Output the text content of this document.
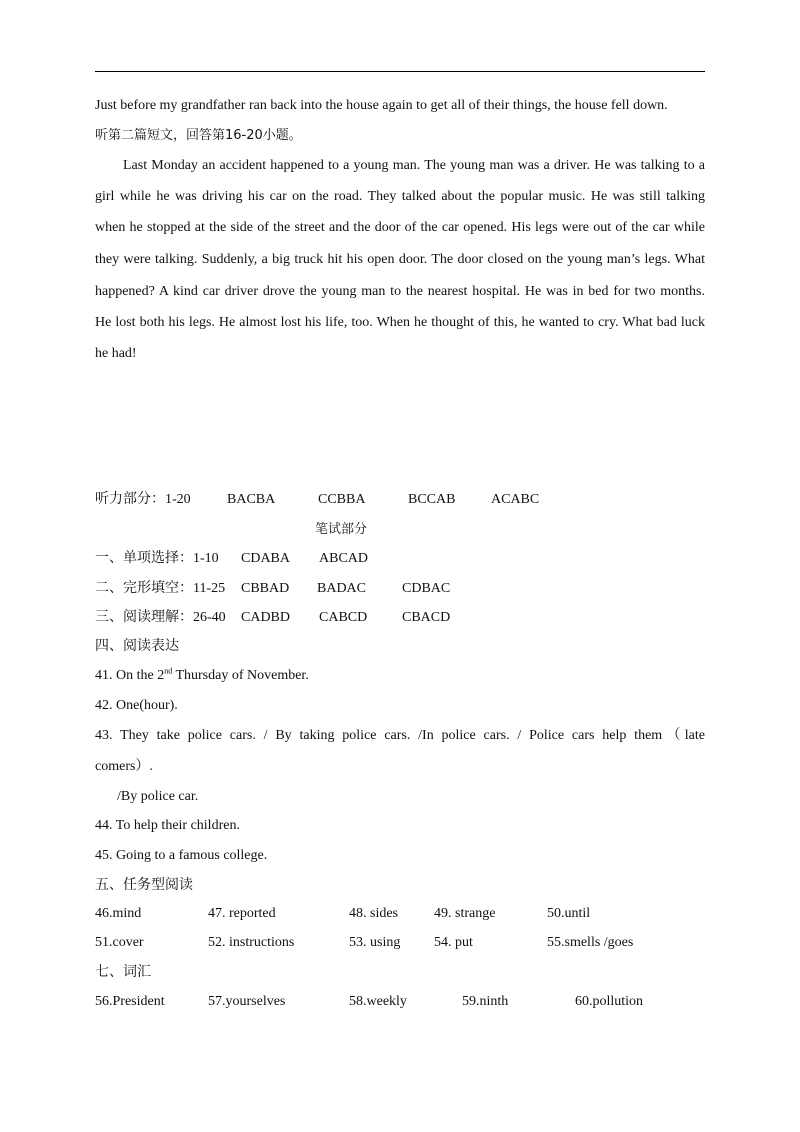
Just before my grandfather ran back into the house again to get all of their things, the house fell down.
听第二篇短文，回答第16-20小题。
Last Monday an accident happened to a young man. The young man was a driver. He was talking to a
girl while he was driving his car on the road. They talked about the popular music. He was still talking
when he stopped at the side of the street and the door of the car opened. His legs were out of the car while
they were talking. Suddenly, a big truck hit his open door. The door closed on the young man’s legs. What
happened? A kind car driver drove the young man to the nearest hospital. He was in bed for two months.
He lost both his legs. He almost lost his life, too. When he thought of this, he wanted to cry. What bad luck
he had!
听力部分：1-20	BACBA	CCBBA	BCCAB	ACABC
笔试部分
一、单项选择：1-10 CDABA ABCAD
二、完形填空：11-25 CBBAD BADAC	CDBAC
三、阅读理解：26-40 CADBD CABCD CBACD
四、阅读表达
41. On the 2nd Thursday of November.
42. One(hour).
43. They take police cars. / By taking police cars. /In police cars. / Police cars help them（late
comers）.
/By police car.
44. To help their children.
45. Going to a famous college.
五、任务型阅读
46.mind	47. reported	48. sides	49. strange	50.until
51.cover	52. instructions	53. using 54. put	55.smells /goes
七、词汇
56.President	57.yourselves	58.weekly	59.ninth	60.pollution
